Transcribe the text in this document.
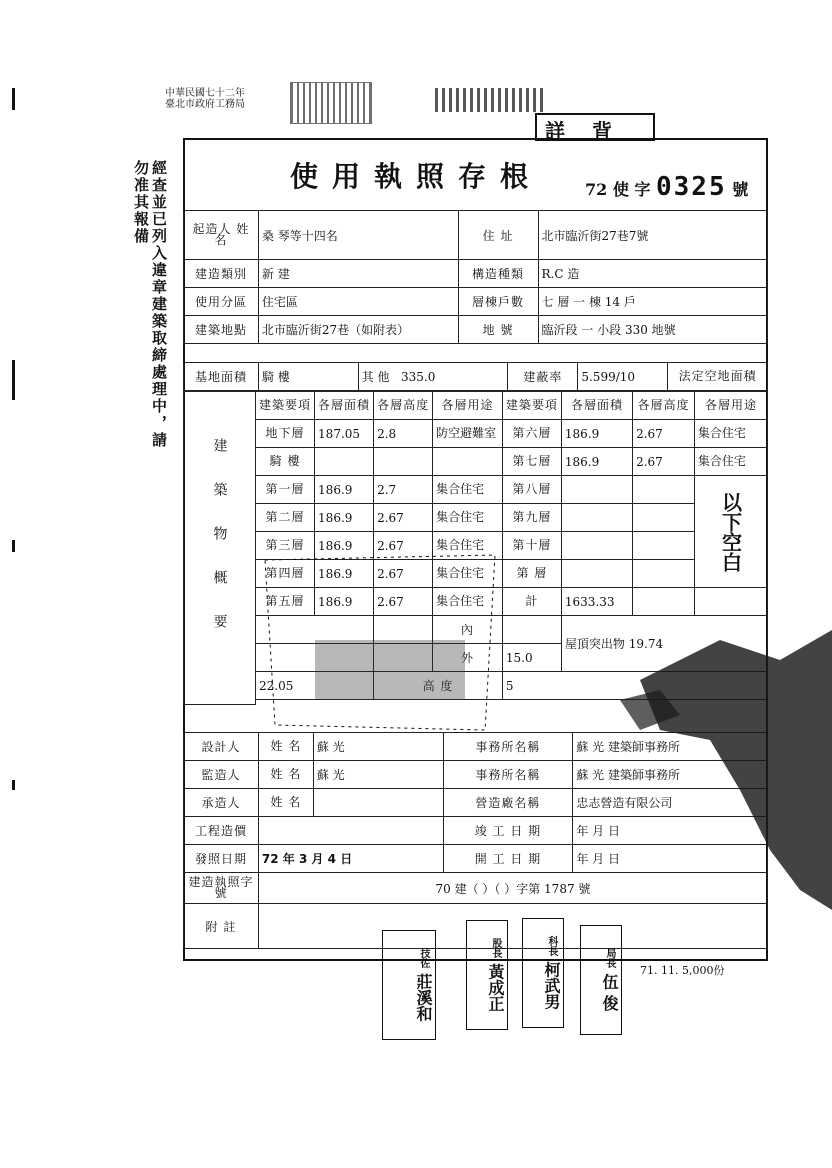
中華民國七十二年
臺北市政府工務局
詳 背
經查並已列入違章建築取締處理中，請勿准其報備	使用執照存根	72 使 字 0325 號
起造人 姓名	桑 琴等十四名	住 址	北市臨沂街27巷7號
建造類別	新 建	構造種類	R.C 造
使用分區	住宅區	層棟戶數	七 層 一 棟 14 戶
建築地點	北市臨沂街27巷（如附表）	地 號	臨沂段 一 小段 330 地號
基地面積	騎 樓	其 他 335.0	建蔽率	5.599/10	法定空地面積
建築物概要	建築要項	各層面積	各層高度	各層用途	建築要項	各層面積	各層高度	各層用途
	地下層	187.05	2.8	防空避難室	第六層	186.9	2.67	集合住宅
	騎 樓				第七層	186.9	2.67	集合住宅
	第一層	186.9	2.7	集合住宅	第八層			以下空白
	第二層	186.9	2.67	集合住宅	第九層			
	第三層	186.9	2.67	集合住宅	第十層			
	第四層	186.9	2.67	集合住宅	第 層			
	第五層	186.9	2.67	集合住宅	計	1633.33		
				內		屋頂突出物 19.74		
				外	15.0			
	22.05		高 度		5			

設計人	姓 名	蘇 光	事務所名稱	蘇 光 建築師事務所
監造人	姓 名	蘇 光	事務所名稱	蘇 光 建築師事務所
承造人	姓 名		營造廠名稱	忠志營造有限公司
工程造價			竣 工 日 期	年 月 日
發照日期	72 年 3 月 4 日		開 工 日 期	年 月 日
建造執照字號	70 建（ ）（ ）字第 1787 號			
附 註				
技佐 莊溪和
股長 黃成正
科長 柯武男
局長 伍 俊
71. 11. 5,000份
